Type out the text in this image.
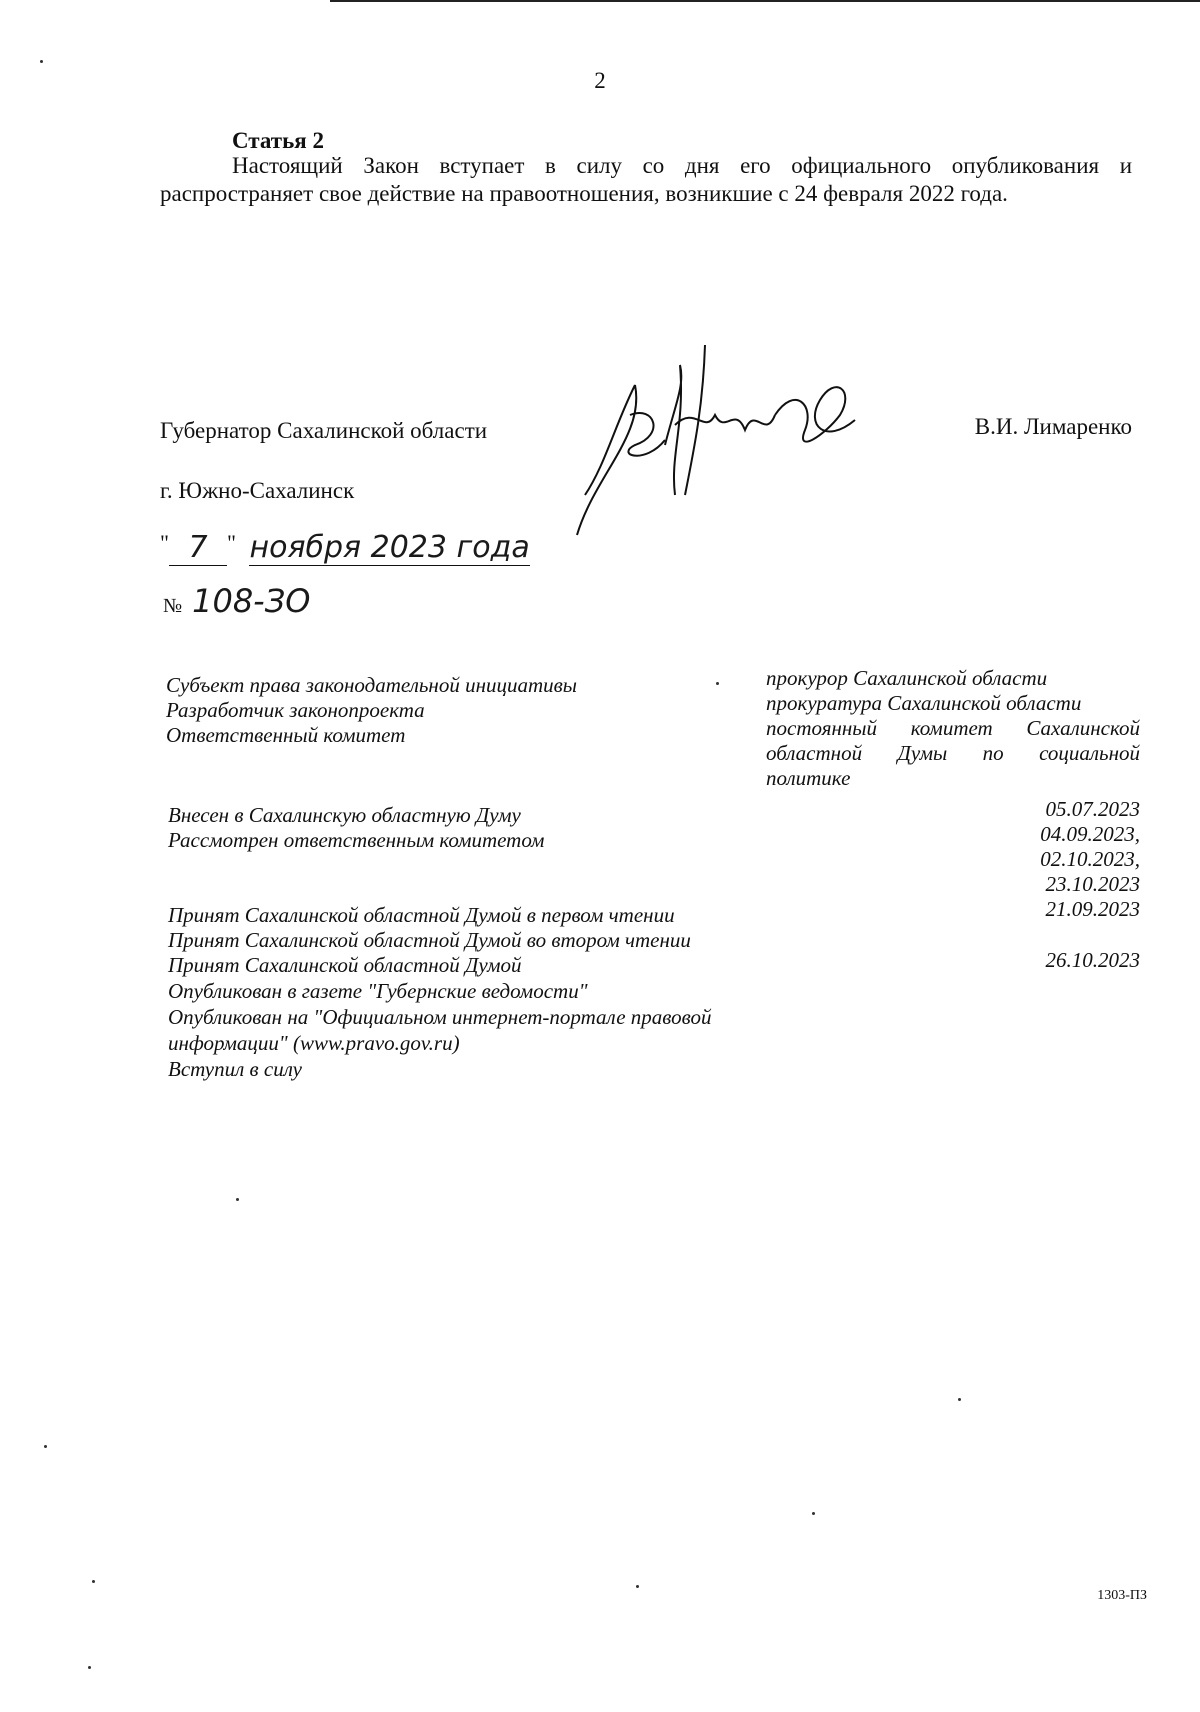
2
Статья 2
Настоящий Закон вступает в силу со дня его официального опубликования и распространяет свое действие на правоотношения, возникшие с 24 февраля 2022 года.
Губернатор Сахалинской области	В.И. Лимаренко
г. Южно-Сахалинск
" 7 " ноября 2023 года
№ 108-ЗО
Субъект права законодательной инициативы
Разработчик законопроекта
Ответственный комитет
прокурор Сахалинской области
прокуратура Сахалинской области
постоянный комитет Сахалинской
областной Думы по социальной
политике
Внесен в Сахалинскую областную Думу
Рассмотрен ответственным комитетом
05.07.2023
04.09.2023,
02.10.2023,
23.10.2023
21.09.2023
26.10.2023
Принят Сахалинской областной Думой в первом чтении
Принят Сахалинской областной Думой во втором чтении
Принят Сахалинской областной Думой
Опубликован в газете "Губернские ведомости"
Опубликован на "Официальном интернет-портале правовой
информации" (www.pravo.gov.ru)
Вступил в силу
1303-ПЗ
